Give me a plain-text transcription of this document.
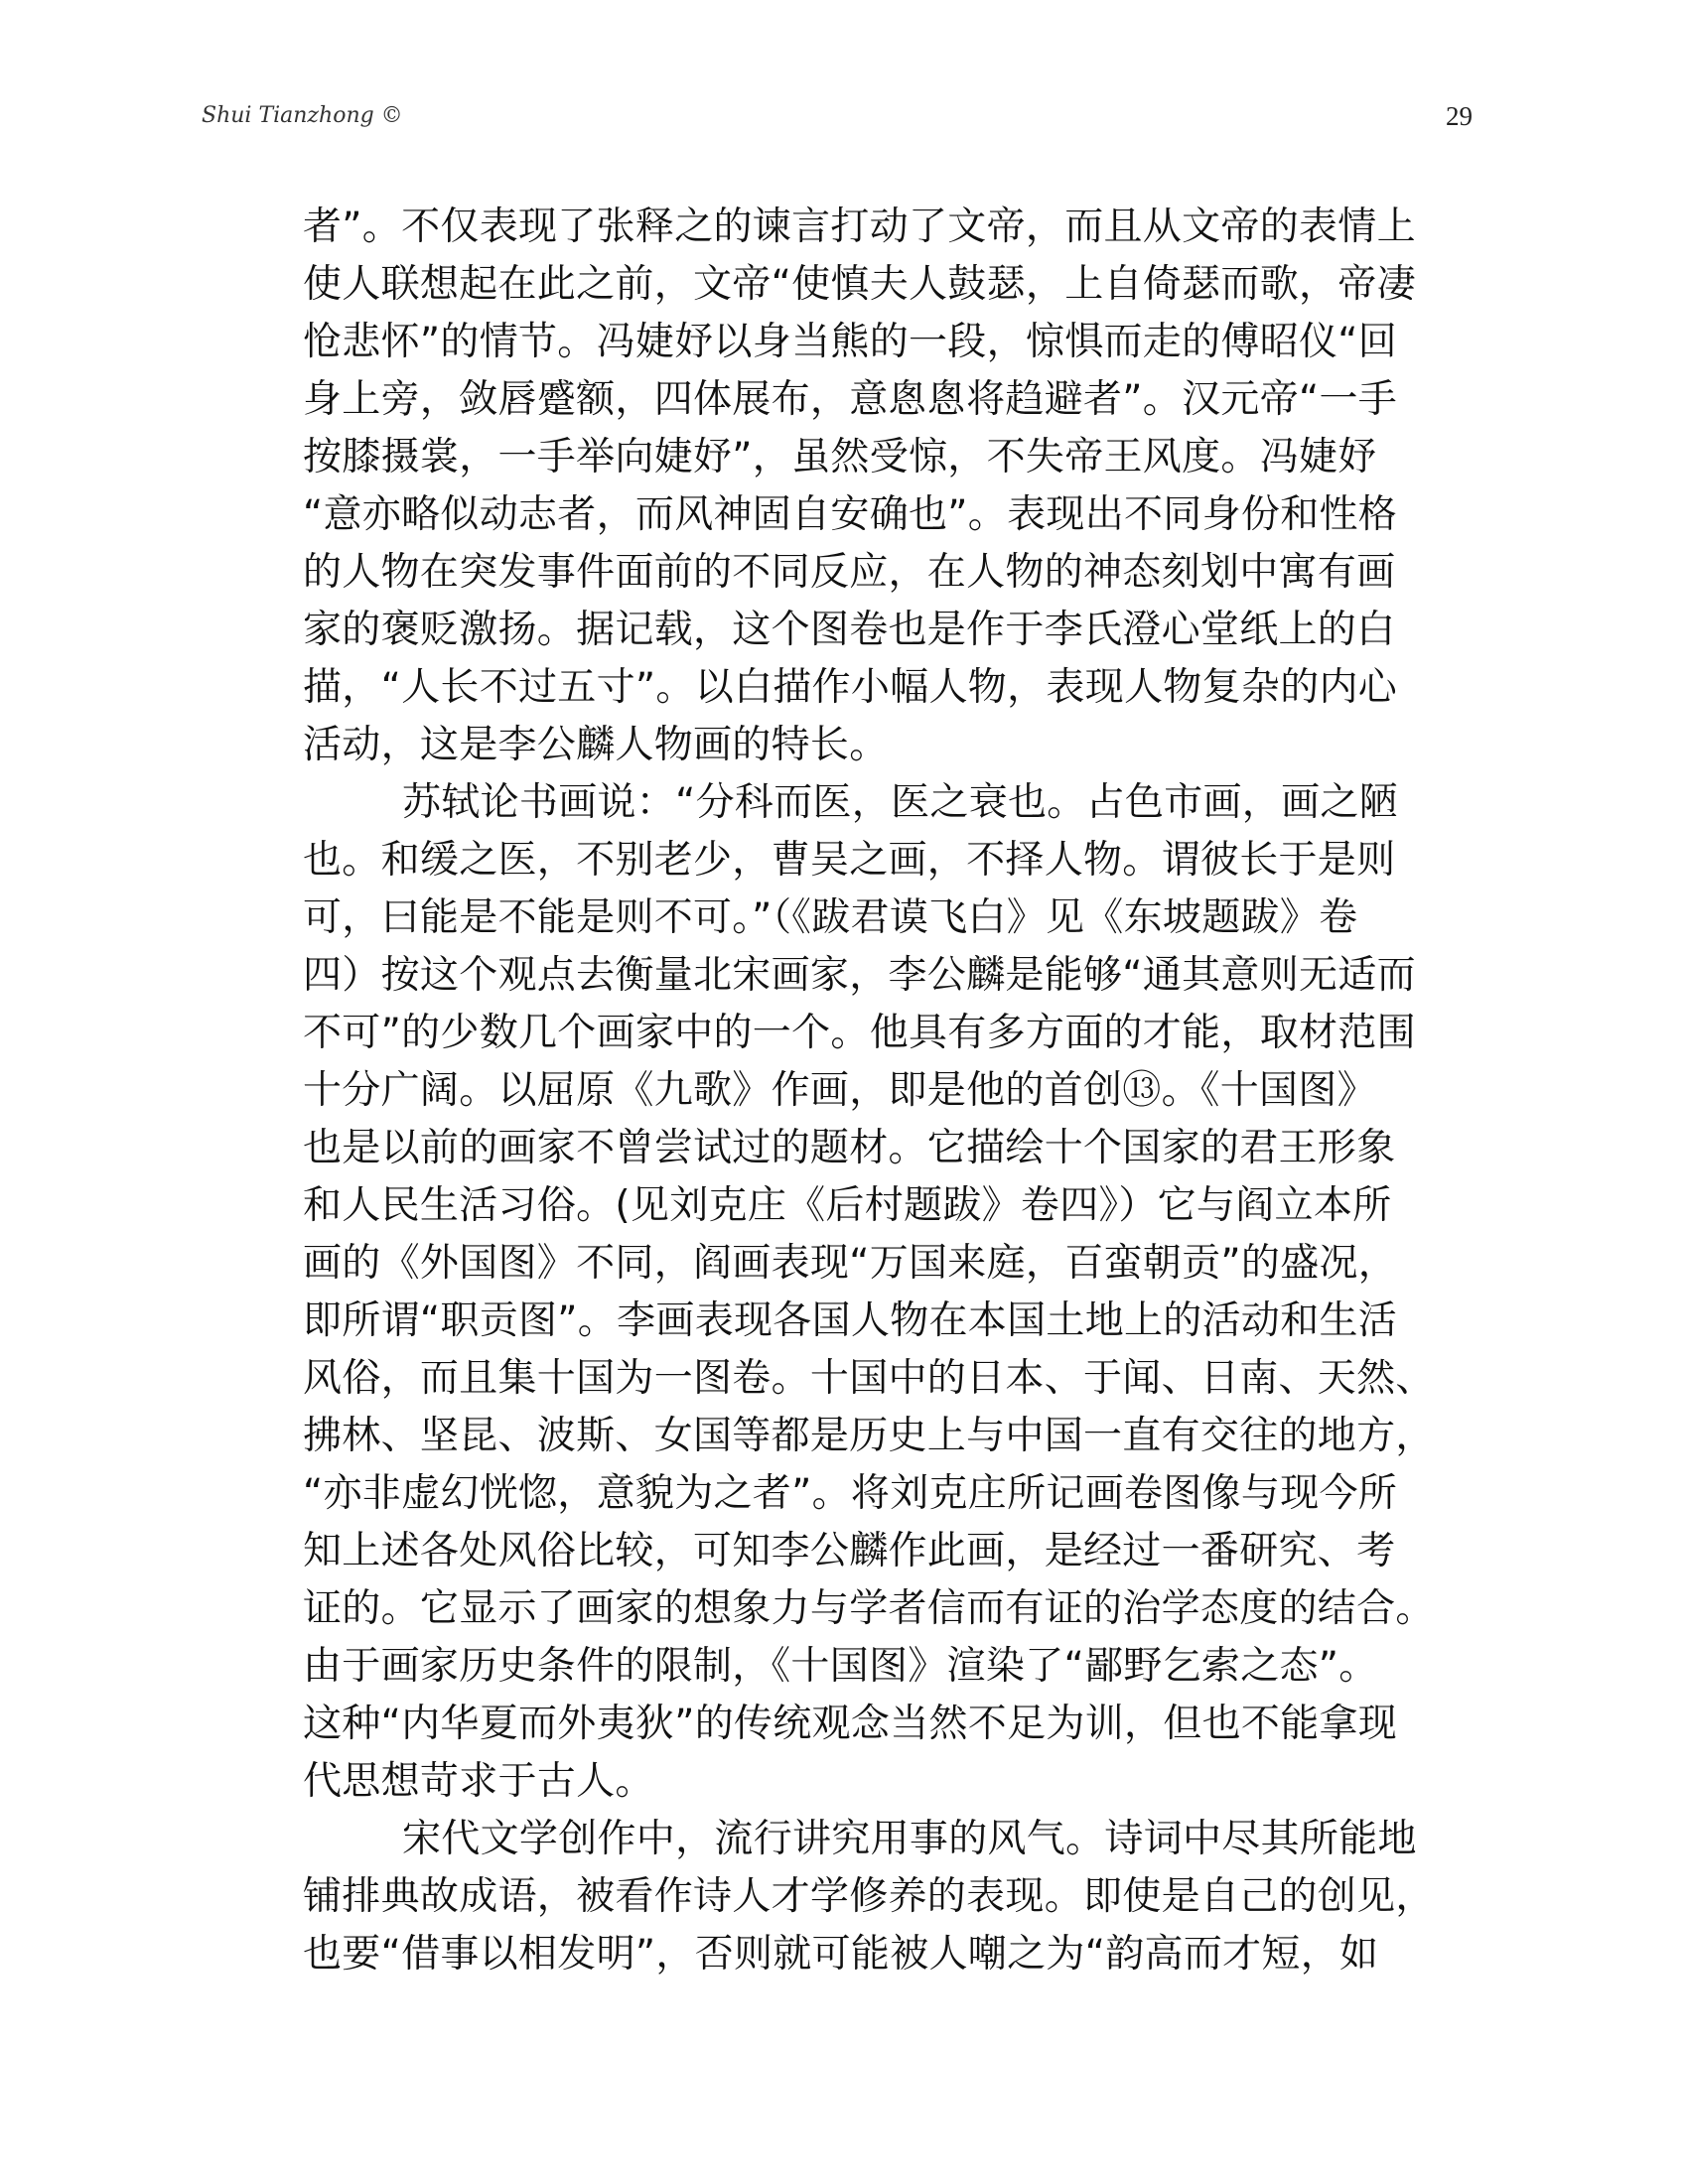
Shui Tianzhong ©	29
者”。不仅表现了张释之的谏言打动了文帝，而且从文帝的表情上
使人联想起在此之前，文帝“使慎夫人鼓瑟，上自倚瑟而歌，帝凄
怆悲怀”的情节。冯婕妤以身当熊的一段，惊惧而走的傅昭仪“回
身上旁，敛唇蹙额，四体展布，意悤悤将趋避者”。汉元帝“一手
按膝摄裳，一手举向婕妤”，虽然受惊，不失帝王风度。冯婕妤
“意亦略似动志者，而风神固自安确也”。表现出不同身份和性格
的人物在突发事件面前的不同反应，在人物的神态刻划中寓有画
家的褒贬激扬。据记载，这个图卷也是作于李氏澄心堂纸上的白
描，“人长不过五寸”。以白描作小幅人物，表现人物复杂的内心
活动，这是李公麟人物画的特长。
苏轼论书画说：“分科而医，医之衰也。占色市画，画之陋
也。和缓之医，不别老少，曹吴之画，不择人物。谓彼长于是则
可，曰能是不能是则不可。”（《跋君谟飞白》见《东坡题跋》卷
四）按这个观点去衡量北宋画家，李公麟是能够“通其意则无适而
不可”的少数几个画家中的一个。他具有多方面的才能，取材范围
十分广阔。以屈原《九歌》作画，即是他的首创⑬。《十国图》
也是以前的画家不曾尝试过的题材。它描绘十个国家的君王形象
和人民生活习俗。(见刘克庄《后村题跋》卷四》）它与阎立本所
画的《外国图》不同，阎画表现“万国来庭，百蛮朝贡”的盛况，
即所谓“职贡图”。李画表现各国人物在本国土地上的活动和生活
风俗，而且集十国为一图卷。十国中的日本、于闻、日南、天然、
拂林、坚昆、波斯、女国等都是历史上与中国一直有交往的地方，
“亦非虚幻恍惚，意貌为之者”。将刘克庄所记画卷图像与现今所
知上述各处风俗比较，可知李公麟作此画，是经过一番研究、考
证的。它显示了画家的想象力与学者信而有证的治学态度的结合。
由于画家历史条件的限制，《十国图》渲染了“鄙野乞索之态”。
这种“内华夏而外夷狄”的传统观念当然不足为训，但也不能拿现
代思想苛求于古人。
宋代文学创作中，流行讲究用事的风气。诗词中尽其所能地
铺排典故成语，被看作诗人才学修养的表现。即使是自己的创见，
也要“借事以相发明”，否则就可能被人嘲之为“韵高而才短，如
